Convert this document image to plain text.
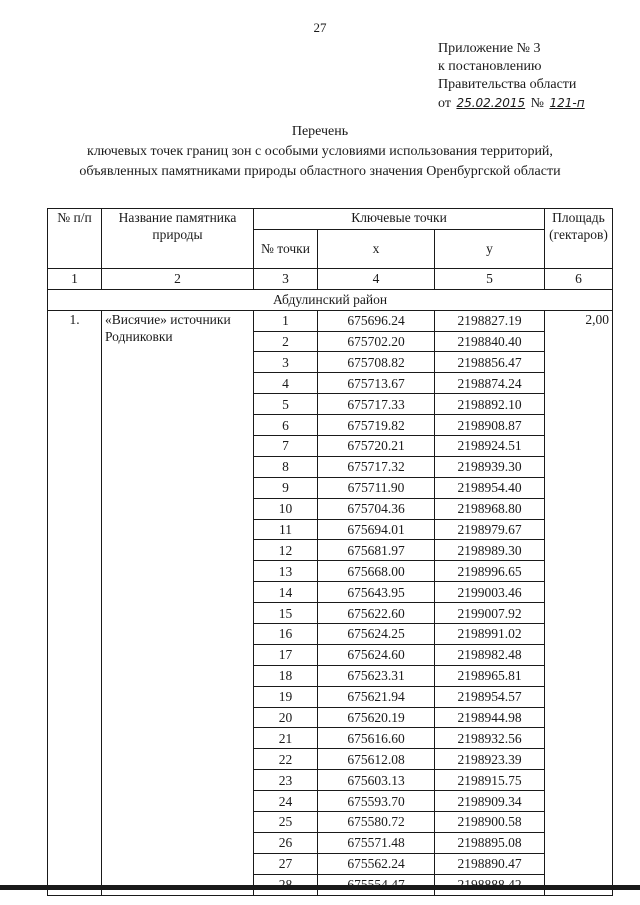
27
Приложение № 3
к постановлению
Правительства области
от 25.02.2015 № 121-п
Перечень
ключевых точек границ зон с особыми условиями использования территорий,
объявленных памятниками природы областного значения Оренбургской области
№ п/п	Название памятника природы	Ключевые точки			Площадь (гектаров)
		№ точки	x	y	
1	2	3	4	5	6
Абдулинский район					
1.	«Висячие» источники Родниковки	1	675696.24	2198827.19	2,00
		2	675702.20	2198840.40	
		3	675708.82	2198856.47	
		4	675713.67	2198874.24	
		5	675717.33	2198892.10	
		6	675719.82	2198908.87	
		7	675720.21	2198924.51	
		8	675717.32	2198939.30	
		9	675711.90	2198954.40	
		10	675704.36	2198968.80	
		11	675694.01	2198979.67	
		12	675681.97	2198989.30	
		13	675668.00	2198996.65	
		14	675643.95	2199003.46	
		15	675622.60	2199007.92	
		16	675624.25	2198991.02	
		17	675624.60	2198982.48	
		18	675623.31	2198965.81	
		19	675621.94	2198954.57	
		20	675620.19	2198944.98	
		21	675616.60	2198932.56	
		22	675612.08	2198923.39	
		23	675603.13	2198915.75	
		24	675593.70	2198909.34	
		25	675580.72	2198900.58	
		26	675571.48	2198895.08	
		27	675562.24	2198890.47	
